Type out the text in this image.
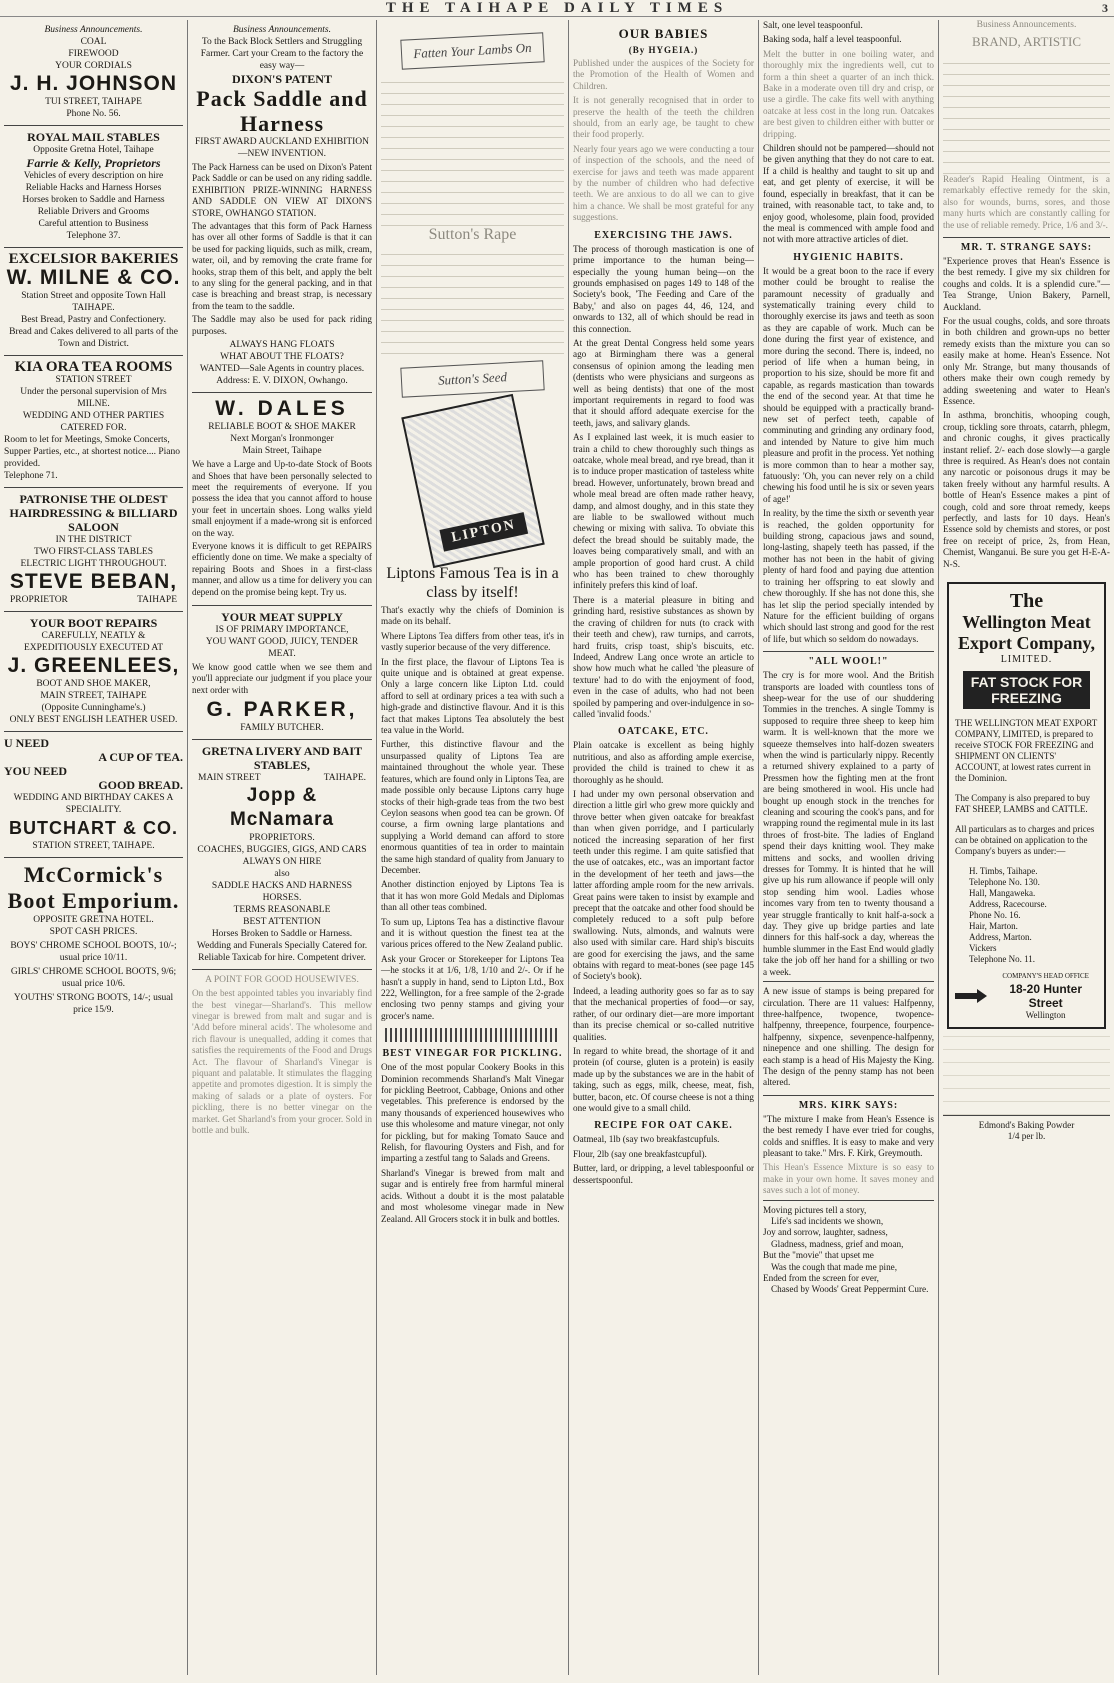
THE TAIHAPE DAILY TIMES	3
Business Announcements.
COAL
FIREWOOD
YOUR CORDIALS
J. H. JOHNSON
TUI STREET, TAIHAPE
Phone No. 56.
ROYAL MAIL STABLES
Opposite Gretna Hotel, Taihape
Farrie & Kelly, Proprietors
Vehicles of every description on hire
Reliable Hacks and Harness Horses
Horses broken to Saddle and Harness
Reliable Drivers and Grooms
Careful attention to Business
Telephone 37.
EXCELSIOR BAKERIES
W. MILNE & CO.
Station Street and opposite Town Hall
TAIHAPE.
Best Bread, Pastry and Confectionery.
Bread and Cakes delivered to all parts of the Town and District.
KIA ORA TEA ROOMS
STATION STREET
Under the personal supervision of Mrs MILNE.
WEDDING AND OTHER PARTIES CATERED FOR.
Room to let for Meetings, Smoke Concerts, Supper Parties, etc., at shortest notice.... Piano provided.
Telephone 71.
PATRONISE THE OLDEST
HAIRDRESSING & BILLIARD
SALOON
IN THE DISTRICT
TWO FIRST-CLASS TABLES
ELECTRIC LIGHT THROUGHOUT.
STEVE BEBAN,
PROPRIETOR	TAIHAPE
YOUR BOOT REPAIRS
CAREFULLY, NEATLY & EXPEDITIOUSLY EXECUTED AT
J. GREENLEES,
BOOT AND SHOE MAKER,
MAIN STREET, TAIHAPE
(Opposite Cunninghame's.)
ONLY BEST ENGLISH LEATHER USED.
U NEED
A CUP OF TEA.
YOU NEED
GOOD BREAD.
WEDDING AND BIRTHDAY CAKES A SPECIALITY.
BUTCHART & CO.
STATION STREET, TAIHAPE.
McCormick's Boot Emporium.
OPPOSITE GRETNA HOTEL.
SPOT CASH PRICES.

BOYS' CHROME SCHOOL BOOTS, 10/-; usual price 10/11.

GIRLS' CHROME SCHOOL BOOTS, 9/6; usual price 10/6.

YOUTHS' STRONG BOOTS, 14/-; usual price 15/9.

Business Announcements.
To the Back Block Settlers and Struggling Farmer. Cart your Cream to the factory the easy way—
DIXON'S PATENT
Pack Saddle and Harness
FIRST AWARD AUCKLAND EXHIBITION—NEW INVENTION.

The Pack Harness can be used on Dixon's Patent Pack Saddle or can be used on any riding saddle. EXHIBITION PRIZE-WINNING HARNESS AND SADDLE ON VIEW AT DIXON'S STORE, OWHANGO STATION.

The advantages that this form of Pack Harness has over all other forms of Saddle is that it can be used for packing liquids, such as milk, cream, water, oil, and by removing the crate frame for hooks, strap them of this belt, and apply the belt to any sling for the general packing, and in that case is breaching and breast strap, is necessary from the team to the saddle.

The Saddle may also be used for pack riding purposes.

ALWAYS HANG FLOATS
WHAT ABOUT THE FLOATS?
WANTED—Sale Agents in country places.
Address: E. V. DIXON, Owhango.
W. DALES
RELIABLE BOOT & SHOE MAKER
Next Morgan's Ironmonger
Main Street, Taihape

We have a Large and Up-to-date Stock of Boots and Shoes that have been personally selected to meet the requirements of everyone. If you possess the idea that you cannot afford to house your feet in uncertain shoes. Long walks yield small enjoyment if a made-wrong sit is enforced on the way.

Everyone knows it is difficult to get REPAIRS efficiently done on time. We make a specialty of repairing Boots and Shoes in a first-class manner, and allow us a time for delivery you can depend on the promise being kept. Try us.

YOUR MEAT SUPPLY
IS OF PRIMARY IMPORTANCE,
YOU WANT GOOD, JUICY, TENDER MEAT.

We know good cattle when we see them and you'll appreciate our judgment if you place your next order with

G. PARKER,
FAMILY BUTCHER.
GRETNA LIVERY AND BAIT STABLES,
MAIN STREET	TAIHAPE.
Jopp & McNamara
PROPRIETORS.
COACHES, BUGGIES, GIGS, AND CARS ALWAYS ON HIRE
also
SADDLE HACKS AND HARNESS HORSES.
TERMS REASONABLE
BEST ATTENTION
Horses Broken to Saddle or Harness.
Wedding and Funerals Specially Catered for.
Reliable Taxicab for hire. Competent driver.
A POINT FOR GOOD HOUSEWIVES.

On the best appointed tables you invariably find the best vinegar—Sharland's. This mellow vinegar is brewed from malt and sugar and is 'Add before mineral acids'. The wholesome and rich flavour is unequalled, adding it comes that satisfies the requirements of the Food and Drugs Act. The flavour of Sharland's Vinegar is piquant and palatable. It stimulates the flagging appetite and promotes digestion. It is simply the making of salads or a plate of oysters. For pickling, there is no better vinegar on the market. Get Sharland's from your grocer. Sold in bottle and bulk.

Fatten Your Lambs On
Sutton's Rape
Sutton's Seed
LIPTON
Liptons Famous Tea is in a class by itself!

That's exactly why the chiefs of Dominion is made on its behalf.

Where Liptons Tea differs from other teas, it's in vastly superior because of the very difference.

In the first place, the flavour of Liptons Tea is quite unique and is obtained at great expense. Only a large concern like Lipton Ltd. could afford to sell at ordinary prices a tea with such a high-grade and distinctive flavour. And it is this fact that makes Liptons Tea absolutely the best tea value in the World.

Further, this distinctive flavour and the unsurpassed quality of Liptons Tea are maintained throughout the whole year. These features, which are found only in Liptons Tea, are made possible only because Liptons carry huge stocks of their high-grade teas from the two best Ceylon seasons when good tea can be grown. Of course, a firm owning large plantations and supplying a World demand can afford to store enormous quantities of tea in order to maintain the same high standard of quality from January to December.

Another distinction enjoyed by Liptons Tea is that it has won more Gold Medals and Diplomas than all other teas combined.

To sum up, Liptons Tea has a distinctive flavour and it is without question the finest tea at the various prices offered to the New Zealand public.

Ask your Grocer or Storekeeper for Liptons Tea—he stocks it at 1/6, 1/8, 1/10 and 2/-. Or if he hasn't a supply in hand, send to Lipton Ltd., Box 222, Wellington, for a free sample of the 2-grade enclosing two penny stamps and giving your grocer's name.

BEST VINEGAR FOR PICKLING.

One of the most popular Cookery Books in this Dominion recommends Sharland's Malt Vinegar for pickling Beetroot, Cabbage, Onions and other vegetables. This preference is endorsed by the many thousands of experienced housewives who use this wholesome and mature vinegar, not only for pickling, but for making Tomato Sauce and Relish, for flavouring Oysters and Fish, and for imparting a zestful tang to Salads and Greens.

Sharland's Vinegar is brewed from malt and sugar and is entirely free from harmful mineral acids. Without a doubt it is the most palatable and most wholesome vinegar made in New Zealand. All Grocers stock it in bulk and bottles.

OUR BABIES
(By HYGEIA.)

Published under the auspices of the Society for the Promotion of the Health of Women and Children.

It is not generally recognised that in order to preserve the health of the teeth the children should, from an early age, be taught to chew their food properly.

Nearly four years ago we were conducting a tour of inspection of the schools, and the need of exercise for jaws and teeth was made apparent by the number of children who had defective teeth. We are anxious to do all we can to give him a chance. We shall be most grateful for any suggestions.

EXERCISING THE JAWS.

The process of thorough mastication is one of prime importance to the human being—especially the young human being—on the grounds emphasised on pages 149 to 148 of the Society's book, 'The Feeding and Care of the Baby,' and also on pages 44, 46, 124, and onwards to 132, all of which should be read in this connection.

At the great Dental Congress held some years ago at Birmingham there was a general consensus of opinion among the leading men (dentists who were physicians and surgeons as well as being dentists) that one of the most important requirements in regard to food was that it should afford adequate exercise for the teeth, jaws, and salivary glands.

As I explained last week, it is much easier to train a child to chew thoroughly such things as oatcake, whole meal bread, and rye bread, than it is to induce proper mastication of tasteless white bread. However, unfortunately, brown bread and whole meal bread are often made rather heavy, damp, and almost doughy, and in this state they are liable to be swallowed without much chewing or mixing with saliva. To obviate this defect the bread should be suitably made, the loaves being comparatively small, and with an ample proportion of good hard crust. A child who has been trained to chew thoroughly infinitely prefers this kind of loaf.

There is a material pleasure in biting and grinding hard, resistive substances as shown by the craving of children for nuts (to crack with their teeth and chew), raw turnips, and carrots, hard fruits, crisp toast, ship's biscuits, etc. Indeed, Andrew Lang once wrote an article to show how much what he called 'the pleasure of texture' had to do with the enjoyment of food, even in the case of adults, who had not been spoiled by pampering and over-indulgence in so-called 'invalid foods.'

OATCAKE, ETC.

Plain oatcake is excellent as being highly nutritious, and also as affording ample exercise, provided the child is trained to chew it as thoroughly as he should.

I had under my own personal observation and direction a little girl who grew more quickly and throve better when given oatcake for breakfast than when given porridge, and I particularly noticed the increasing separation of her first teeth under this regime. I am quite satisfied that the use of oatcakes, etc., was an important factor in the development of her teeth and jaws—the latter affording ample room for the new arrivals. Great pains were taken to insist by example and precept that the oatcake and other food should be completely reduced to a soft pulp before swallowing. Nuts, almonds, and walnuts were also used with similar care. Hard ship's biscuits are good for exercising the jaws, and the same obtains with regard to meat-bones (see page 145 of Society's book).

Indeed, a leading authority goes so far as to say that the mechanical properties of food—or say, rather, of our ordinary diet—are more important than its precise chemical or so-called nutritive qualities.

In regard to white bread, the shortage of it and protein (of course, gluten is a protein) is easily made up by the substances we are in the habit of taking, such as eggs, milk, cheese, meat, fish, butter, bacon, etc. Of course cheese is not a thing one would give to a small child.

RECIPE FOR OAT CAKE.

Oatmeal, 1lb (say two breakfastcupfuls.

Flour, 2lb (say one breakfastcupful).

Butter, lard, or dripping, a level tablespoonful or dessertspoonful.

Salt, one level teaspoonful.

Baking soda, half a level teaspoonful.

Melt the butter in one boiling water, and thoroughly mix the ingredients well, cut to form a thin sheet a quarter of an inch thick. Bake in a moderate oven till dry and crisp, or use a girdle. The cake fits well with anything oatcake at less cost in the long run. Oatcakes are best given to children either with butter or dripping.

Children should not be pampered—should not be given anything that they do not care to eat. If a child is healthy and taught to sit up and eat, and get plenty of exercise, it will be found, especially in breakfast, that it can be trained, with reasonable tact, to take and, to enjoy good, wholesome, plain food, provided the meal is commenced with ample food and not with more attractive articles of diet.

HYGIENIC HABITS.

It would be a great boon to the race if every mother could be brought to realise the paramount necessity of gradually and systematically training every child to thoroughly exercise its jaws and teeth as soon as they are capable of work. Much can be done during the first year of existence, and more during the second. There is, indeed, no period of life when a human being, in proportion to his size, should be more fit and capable, as regards mastication than towards the end of the second year. At that time he should be equipped with a practically brand-new set of perfect teeth, capable of comminuting and grinding any ordinary food, and intended by Nature to give him much pleasure and profit in the process. Yet nothing is more common than to hear a mother say, fatuously: 'Oh, you can never rely on a child chewing his food until he is six or seven years of age!'

In reality, by the time the sixth or seventh year is reached, the golden opportunity for building strong, capacious jaws and sound, long-lasting, shapely teeth has passed, if the mother has not been in the habit of giving plenty of hard food and paying due attention to training her offspring to eat slowly and chew thoroughly. If she has not done this, she has let slip the period specially intended by Nature for the efficient building of organs which should last strong and good for the rest of life, but which so seldom do nowadays.

"ALL WOOL!"

The cry is for more wool. And the British transports are loaded with countless tons of sheep-wear for the use of our shuddering Tommies in the trenches. A single Tommy is supposed to require three sheep to keep him warm. It is well-known that the more we squeeze themselves into half-dozen sweaters when the wind is particularly nippy. Recently a returned shivery explained to a party of Pressmen how the fighting men at the front are being smothered in wool. His uncle had bought up enough stock in the trenches for cleaning and scouring the cook's pans, and for wrapping round the regimental mule in its last throes of frost-bite. The ladies of England spend their days knitting wool. They make mittens and socks, and woollen driving dresses for Tommy. It is hinted that he will give up his rum allowance if people will only stop sending him wool. Ladies whose incomes vary from ten to twenty thousand a year struggle frantically to knit half-a-sock a day. They give up bridge parties and late dinners for this half-sock a day, whereas the humble slummer in the East End would gladly take the job off her hand for a shilling or two a week.

A new issue of stamps is being prepared for circulation. There are 11 values: Halfpenny, three-halfpence, twopence, twopence-halfpenny, threepence, fourpence, fourpence-halfpenny, sixpence, sevenpence-halfpenny, ninepence and one shilling. The design for each stamp is a head of His Majesty the King. The design of the penny stamp has not been altered.

MRS. KIRK SAYS:

"The mixture I make from Hean's Essence is the best remedy I have ever tried for coughs, colds and sniffles. It is easy to make and very pleasant to take." Mrs. F. Kirk, Greymouth.

This Hean's Essence Mixture is so easy to make in your own home. It saves money and saves such a lot of money.

Moving pictures tell a story,
Life's sad incidents we shown,
Joy and sorrow, laughter, sadness,
Gladness, madness, grief and moan,
But the "movie" that upset me
Was the cough that made me pine,
Ended from the screen for ever,
Chased by Woods' Great Peppermint Cure.
Business Announcements.
BRAND, ARTISTIC

Reader's Rapid Healing Ointment, is a remarkably effective remedy for the skin, also for wounds, burns, sores, and those many hurts which are constantly calling for the use of reliable remedy. Price, 1/6 and 3/-.

MR. T. STRANGE SAYS:

"Experience proves that Hean's Essence is the best remedy. I give my six children for coughs and colds. It is a splendid cure."—Tea Strange, Union Bakery, Parnell, Auckland.

For the usual coughs, colds, and sore throats in both children and grown-ups no better remedy exists than the mixture you can so easily make at home. Hean's Essence. Not only Mr. Strange, but many thousands of others make their own cough remedy by adding sweetening and water to Hean's Essence.

In asthma, bronchitis, whooping cough, croup, tickling sore throats, catarrh, phlegm, and chronic coughs, it gives practically instant relief. 2/- each dose slowly—a gargle three is required. As Hean's does not contain any narcotic or poisonous drugs it may be taken freely without any harmful results. A bottle of Hean's Essence makes a pint of cough, cold and sore throat remedy, keeps perfectly, and lasts for 10 days. Hean's Essence sold by chemists and stores, or post free on receipt of price, 2s, from Hean, Chemist, Wanganui. Be sure you get H-E-A-N-S.

The
Wellington Meat Export Company,
LIMITED.
FAT STOCK FOR FREEZING

THE WELLINGTON MEAT EXPORT COMPANY, LIMITED, is prepared to receive STOCK FOR FREEZING and SHIPMENT ON CLIENTS' ACCOUNT, at lowest rates current in the Dominion.

The Company is also prepared to buy FAT SHEEP, LAMBS and CATTLE.

All particulars as to charges and prices can be obtained on application to the Company's buyers as under:—

H. Timbs, Taihape.
Telephone No. 130.
Hall, Mangaweka.
Address, Racecourse.
Phone No. 16.
Hair, Marton.
Address, Marton.
Vickers
Telephone No. 11.
COMPANY'S HEAD OFFICE
18-20 Hunter Street
Wellington
Edmond's Baking Powder
1/4 per lb.
